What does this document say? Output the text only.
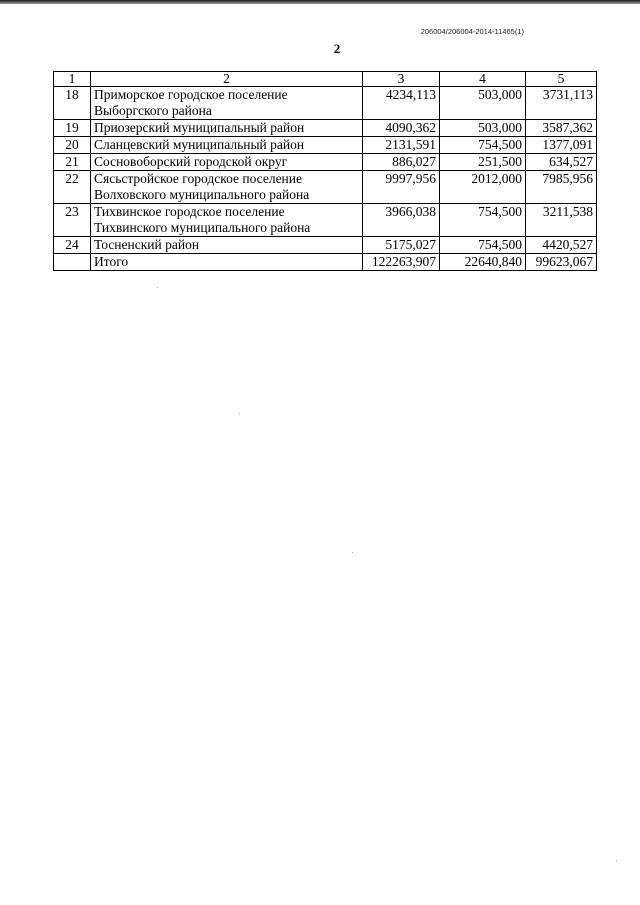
206004/206004-2014-11465(1)
2
1	2	3	4	5
18	Приморское городское поселение
Выборгского района	4234,113	503,000	3731,113
19	Приозерский муниципальный район	4090,362	503,000	3587,362
20	Сланцевский муниципальный район	2131,591	754,500	1377,091
21	Сосновоборский городской округ	886,027	251,500	634,527
22	Сясьстройское городское поселение
Волховского муниципального района	9997,956	2012,000	7985,956
23	Тихвинское городское поселение
Тихвинского муниципального района	3966,038	754,500	3211,538
24	Тосненский район	5175,027	754,500	4420,527
	Итого	122263,907	22640,840	99623,067
